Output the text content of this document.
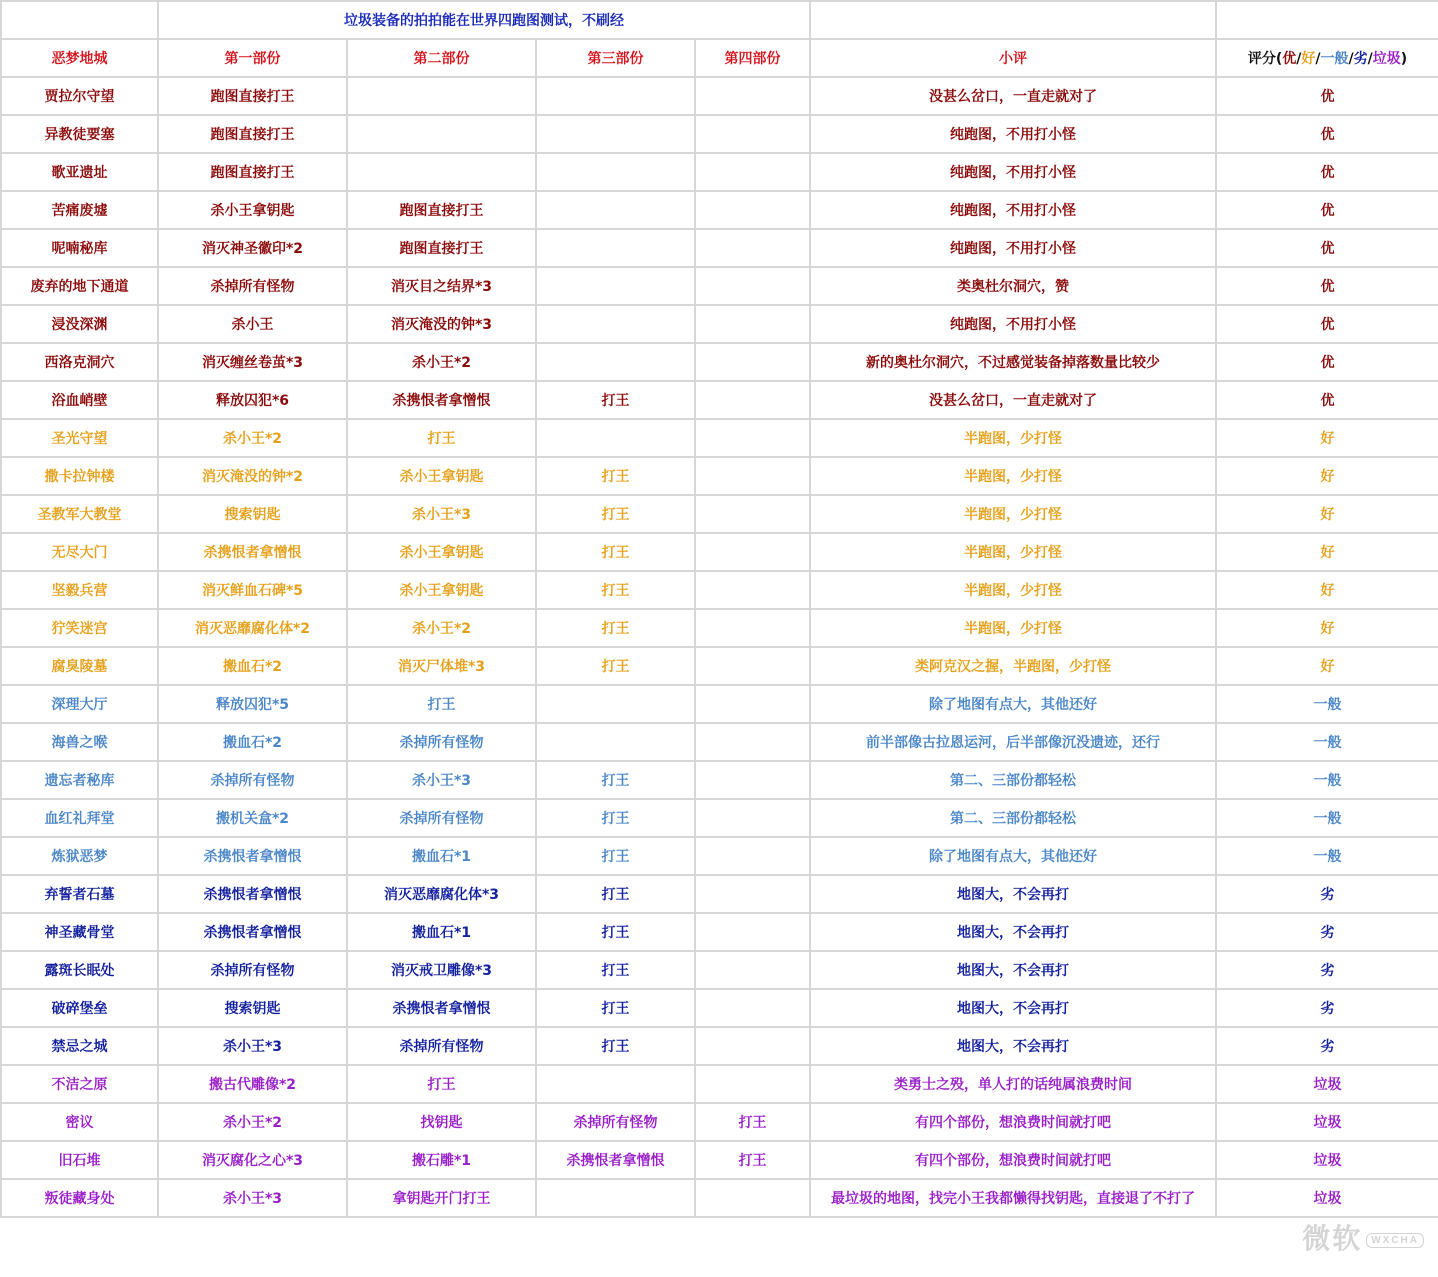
	垃圾装备的拍拍能在世界四跑图测试，不刷经					
恶梦地城	第一部份	第二部份	第三部份	第四部份	小评	评分(优/好/一般/劣/垃圾)
贾拉尔守望	跑图直接打王				没甚么岔口，一直走就对了	优
异教徒要塞	跑图直接打王				纯跑图，不用打小怪	优
歌亚遗址	跑图直接打王				纯跑图，不用打小怪	优
苦痛废墟	杀小王拿钥匙	跑图直接打王			纯跑图，不用打小怪	优
呢喃秘库	消灭神圣徽印*2	跑图直接打王			纯跑图，不用打小怪	优
废弃的地下通道	杀掉所有怪物	消灭目之结界*3			类奥杜尔洞穴，赞	优
浸没深渊	杀小王	消灭淹没的钟*3			纯跑图，不用打小怪	优
西洛克洞穴	消灭缠丝卷茧*3	杀小王*2			新的奥杜尔洞穴，不过感觉装备掉落数量比较少	优
浴血峭壁	释放囚犯*6	杀携恨者拿憎恨	打王		没甚么岔口，一直走就对了	优
圣光守望	杀小王*2	打王			半跑图，少打怪	好
撒卡拉钟楼	消灭淹没的钟*2	杀小王拿钥匙	打王		半跑图，少打怪	好
圣教军大教堂	搜索钥匙	杀小王*3	打王		半跑图，少打怪	好
无尽大门	杀携恨者拿憎恨	杀小王拿钥匙	打王		半跑图，少打怪	好
坚毅兵营	消灭鲜血石碑*5	杀小王拿钥匙	打王		半跑图，少打怪	好
狞笑迷宫	消灭恶靡腐化体*2	杀小王*2	打王		半跑图，少打怪	好
腐臭陵墓	搬血石*2	消灭尸体堆*3	打王		类阿克汉之握，半跑图，少打怪	好
深理大厅	释放囚犯*5	打王			除了地图有点大，其他还好	一般
海兽之喉	搬血石*2	杀掉所有怪物			前半部像古拉恩运河，后半部像沉没遗迹，还行	一般
遗忘者秘库	杀掉所有怪物	杀小王*3	打王		第二、三部份都轻松	一般
血红礼拜堂	搬机关盒*2	杀掉所有怪物	打王		第二、三部份都轻松	一般
炼狱恶梦	杀携恨者拿憎恨	搬血石*1	打王		除了地图有点大，其他还好	一般
弃誓者石墓	杀携恨者拿憎恨	消灭恶靡腐化体*3	打王		地图大，不会再打	劣
神圣藏骨堂	杀携恨者拿憎恨	搬血石*1	打王		地图大，不会再打	劣
露斑长眠处	杀掉所有怪物	消灭戒卫雕像*3	打王		地图大，不会再打	劣
破碎堡垒	搜索钥匙	杀携恨者拿憎恨	打王		地图大，不会再打	劣
禁忌之城	杀小王*3	杀掉所有怪物	打王		地图大，不会再打	劣
不洁之原	搬古代雕像*2	打王			类勇士之殁，单人打的话纯属浪费时间	垃圾
密议	杀小王*2	找钥匙	杀掉所有怪物	打王	有四个部份，想浪费时间就打吧	垃圾
旧石堆	消灭腐化之心*3	搬石雕*1	杀携恨者拿憎恨	打王	有四个部份，想浪费时间就打吧	垃圾
叛徒藏身处	杀小王*3	拿钥匙开门打王			最垃圾的地图，找完小王我都懒得找钥匙，直接退了不打了	垃圾
微软 WXCHA
